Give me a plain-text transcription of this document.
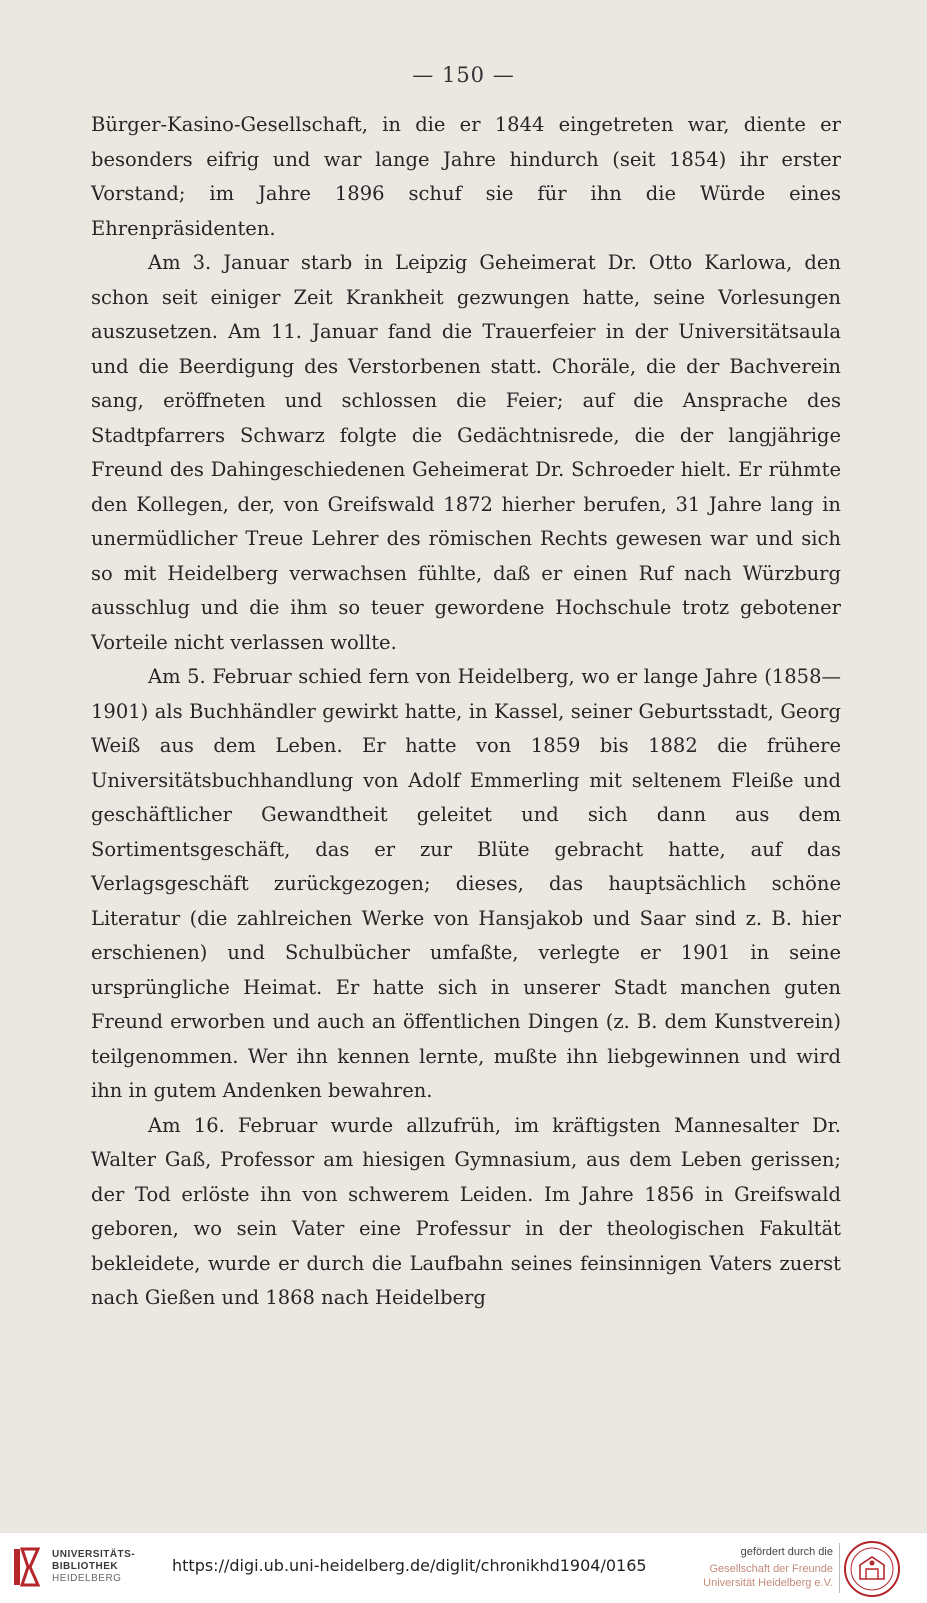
— 150 —

Bürger-Kasino-Gesellschaft, in die er 1844 eingetreten war, diente er besonders eifrig und war lange Jahre hindurch (seit 1854) ihr erster Vorstand; im Jahre 1896 schuf sie für ihn die Würde eines Ehrenpräsidenten.

Am 3. Januar starb in Leipzig Geheimerat Dr. Otto Karlowa, den schon seit einiger Zeit Krankheit gezwungen hatte, seine Vorlesungen auszusetzen. Am 11. Januar fand die Trauerfeier in der Universitätsaula und die Beerdigung des Verstorbenen statt. Choräle, die der Bachverein sang, eröffneten und schlossen die Feier; auf die Ansprache des Stadtpfarrers Schwarz folgte die Gedächtnisrede, die der langjährige Freund des Dahingeschiedenen Geheimerat Dr. Schroeder hielt. Er rühmte den Kollegen, der, von Greifswald 1872 hierher berufen, 31 Jahre lang in unermüdlicher Treue Lehrer des römischen Rechts gewesen war und sich so mit Heidelberg verwachsen fühlte, daß er einen Ruf nach Würzburg ausschlug und die ihm so teuer gewordene Hochschule trotz gebotener Vorteile nicht verlassen wollte.

Am 5. Februar schied fern von Heidelberg, wo er lange Jahre (1858—1901) als Buchhändler gewirkt hatte, in Kassel, seiner Geburtsstadt, Georg Weiß aus dem Leben. Er hatte von 1859 bis 1882 die frühere Universitätsbuchhandlung von Adolf Emmerling mit seltenem Fleiße und geschäftlicher Gewandtheit geleitet und sich dann aus dem Sortimentsgeschäft, das er zur Blüte gebracht hatte, auf das Verlagsgeschäft zurückgezogen; dieses, das hauptsächlich schöne Literatur (die zahlreichen Werke von Hansjakob und Saar sind z. B. hier erschienen) und Schulbücher umfaßte, verlegte er 1901 in seine ursprüngliche Heimat. Er hatte sich in unserer Stadt manchen guten Freund erworben und auch an öffentlichen Dingen (z. B. dem Kunstverein) teilgenommen. Wer ihn kennen lernte, mußte ihn liebgewinnen und wird ihn in gutem Andenken bewahren.

Am 16. Februar wurde allzufrüh, im kräftigsten Mannesalter Dr. Walter Gaß, Professor am hiesigen Gymnasium, aus dem Leben gerissen; der Tod erlöste ihn von schwerem Leiden. Im Jahre 1856 in Greifswald geboren, wo sein Vater eine Professur in der theologischen Fakultät bekleidete, wurde er durch die Laufbahn seines feinsinnigen Vaters zuerst nach Gießen und 1868 nach Heidelberg

UNIVERSITÄTS-
BIBLIOTHEK
HEIDELBERG
https://digi.ub.uni-heidelberg.de/diglit/chronikhd1904/0165
gefördert durch die
Gesellschaft der Freunde
Universität Heidelberg e.V.
